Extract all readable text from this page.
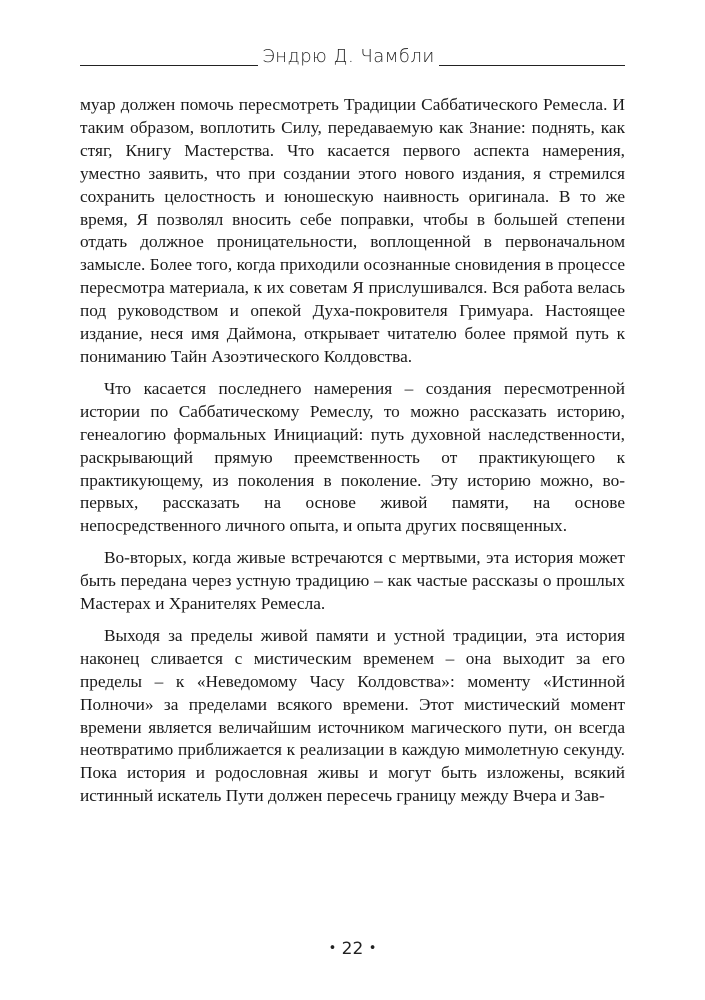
Эндрю Д. Чамбли

муар должен помочь пересмотреть Традиции Саббатического Ремесла. И таким образом, воплотить Силу, передаваемую как Знание: поднять, как стяг, Книгу Мастерства. Что касается первого аспекта намерения, уместно заявить, что при создании этого нового издания, я стремился сохранить целостность и юношескую наивность оригинала. В то же время, Я позволял вносить себе поправки, чтобы в большей степени отдать должное проницательности, воплощенной в первоначальном замысле. Более того, когда приходили осознанные сновидения в процессе пересмотра материала, к их советам Я прислушивался. Вся работа велась под руководством и опекой Духа-покровителя Гримуара. Настоящее издание, неся имя Даймона, открывает читателю более прямой путь к пониманию Тайн Азоэтического Колдовства.

Что касается последнего намерения – создания пересмотренной истории по Саббатическому Ремеслу, то можно рассказать историю, генеалогию формальных Инициаций: путь духовной наследственности, раскрывающий прямую преемственность от практикующего к практикующему, из поколения в поколение. Эту историю можно, во-первых, рассказать на основе живой памяти, на основе непосредственного личного опыта, и опыта других посвященных.

Во-вторых, когда живые встречаются с мертвыми, эта история может быть передана через устную традицию – как частые рассказы о прошлых Мастерах и Хранителях Ремесла.

Выходя за пределы живой памяти и устной традиции, эта история наконец сливается с мистическим временем – она выходит за его пределы – к «Неведомому Часу Колдовства»: моменту «Истинной Полночи» за пределами всякого времени. Этот мистический момент времени является величайшим источником магического пути, он всегда неотвратимо приближается к реализации в каждую мимолетную секунду. Пока история и родословная живы и могут быть изложены, всякий истинный искатель Пути должен пересечь границу между Вчера и Зав-

• 22 •
